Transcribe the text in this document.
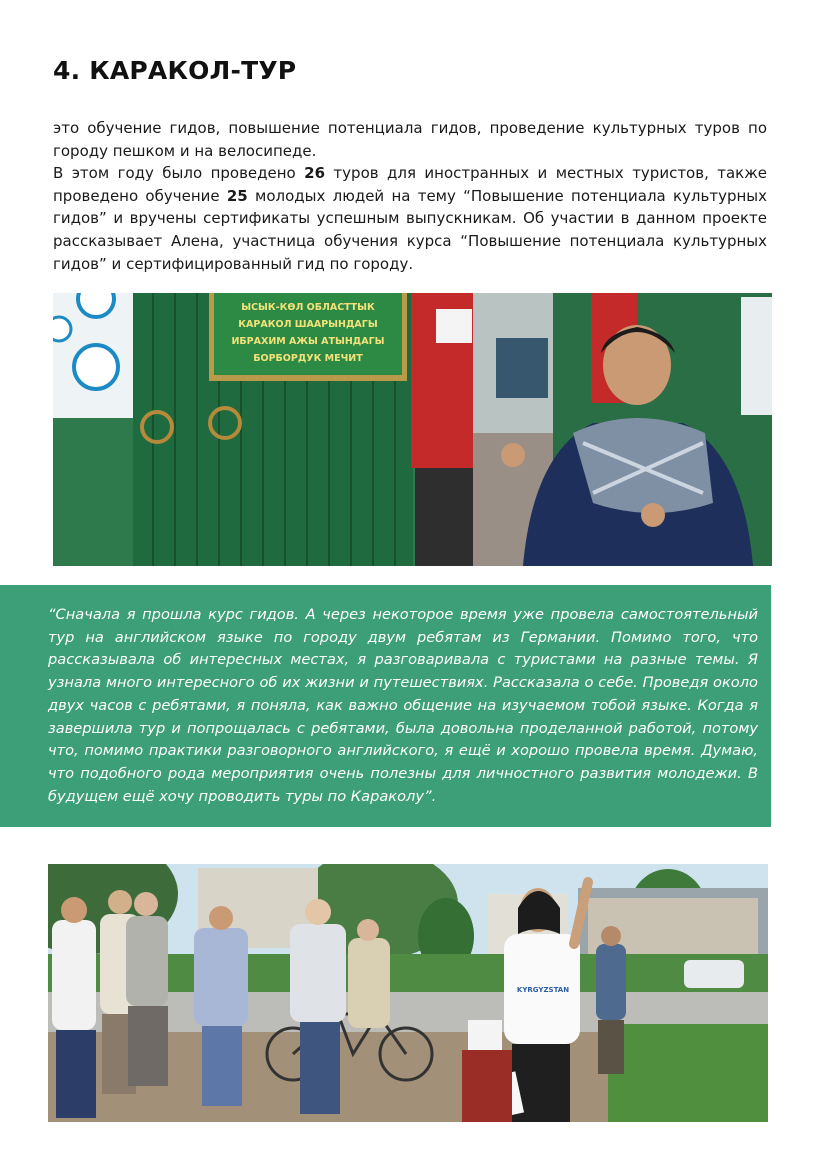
4. КАРАКОЛ-ТУР

это обучение гидов, повышение потенциала гидов, проведение культурных туров по городу пешком и на велосипеде.

В этом году было проведено 26 туров для иностранных и местных туристов, также проведено обучение 25 молодых людей на тему “Повышение потенциала культурных гидов” и вручены сертификаты успешным выпускникам. Об участии в данном проекте рассказывает Алена, участница обучения курса “Повышение потенциала культурных гидов” и сертифицированный гид по городу.

ЫСЫК-КӨЛ ОБЛАСТТЫК
КАРАКОЛ ШААРЫНДАГЫ
ИБРАХИМ АЖЫ АТЫНДАГЫ
БОРБОРДУК МЕЧИТ

“Сначала я прошла курс гидов. А через некоторое время уже провела самостоятельный тур на английском языке по городу двум ребятам из Германии. Помимо того, что рассказывала об интересных местах, я разговаривала с туристами на разные темы. Я узнала много интересного об их жизни и путешествиях. Рассказала о себе. Проведя около двух часов с ребятами, я поняла, как важно общение на изучаемом тобой языке. Когда я завершила тур и попрощалась с ребятами, была довольна проделанной работой, потому что, помимо практики разговорного английского, я ещё и хорошо провела время. Думаю, что подобного рода мероприятия очень полезны для личностного развития молодежи. В будущем ещё хочу проводить туры по Караколу”.

KYRGYZSTAN
